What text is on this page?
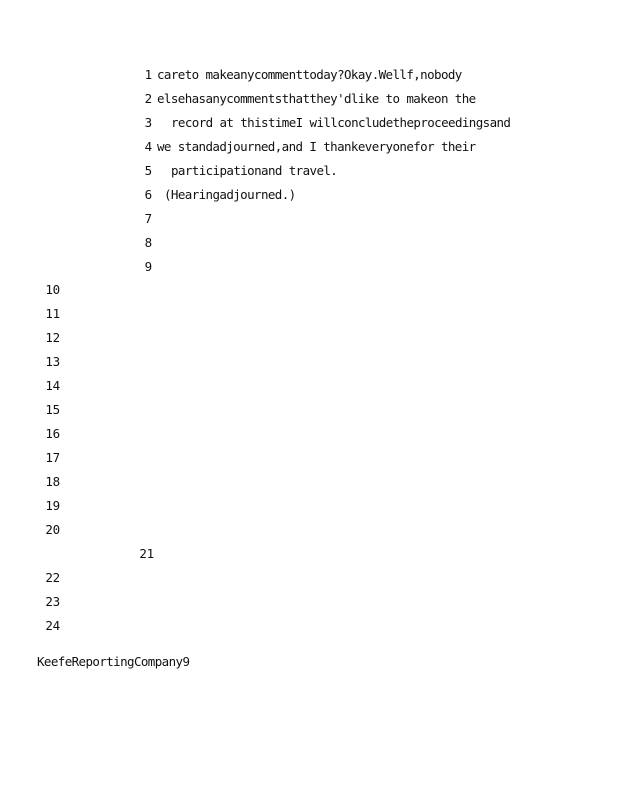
1 careto makeanycommenttoday?Okay.Wellf,nobody
2 elsehasanycommentsthatthey'dlike to makeon the
3 record at thistimeI willconcludetheproceedingsand
4 we standadjourned,and I thankeveryonefor their
5 participationand travel.
6 (Hearingadjourned.)
7
8
9
10
11
12
13
14
15
16
17
18
19
20
21
22
23
24
KeefeReportingCompany9
